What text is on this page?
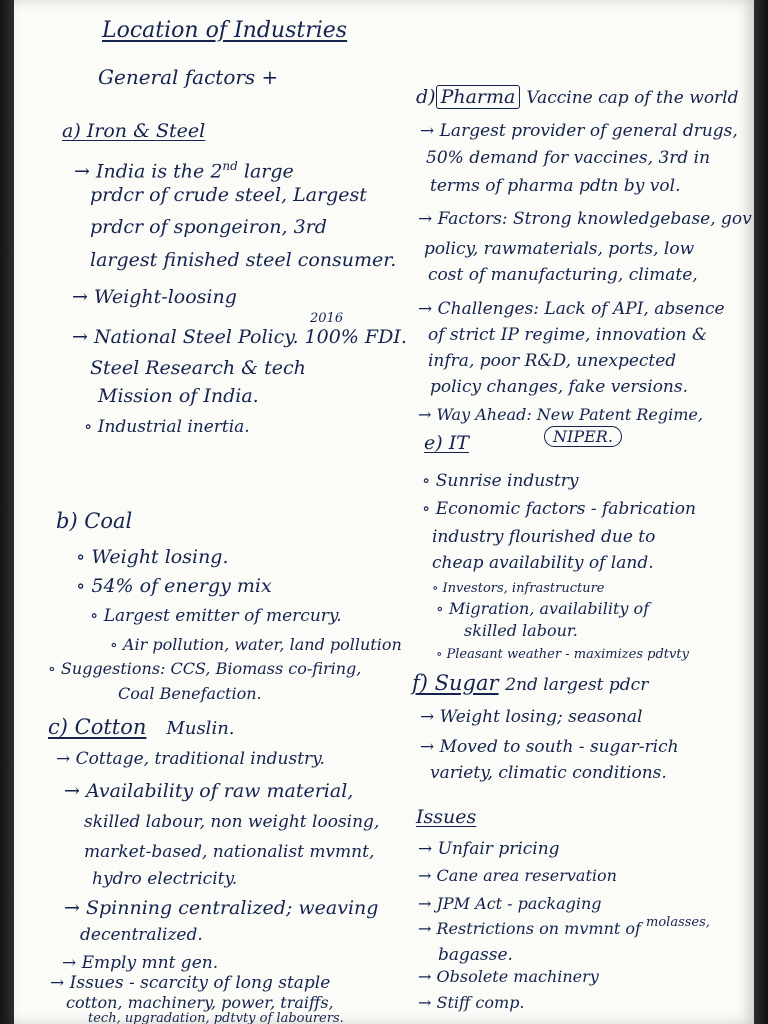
Location of Industries
General factors +
a) Iron & Steel
→ India is the 2nd large
prdcr of crude steel, Largest
prdcr of spongeiron, 3rd
largest finished steel consumer.
→ Weight-loosing
2016
→ National Steel Policy. 100% FDI.
Steel Research & tech
Mission of India.
∘ Industrial inertia.
b) Coal
∘ Weight losing.
∘ 54% of energy mix
∘ Largest emitter of mercury.
∘ Air pollution, water, land pollution
∘ Suggestions: CCS, Biomass co-firing,
Coal Benefaction.
c) Cotton Muslin.
→ Cottage, traditional industry.
→ Availability of raw material,
skilled labour, non weight loosing,
market-based, nationalist mvmnt,
hydro electricity.
→ Spinning centralized; weaving
decentralized.
→ Emply mnt gen.
→ Issues - scarcity of long staple
cotton, machinery, power, traiffs,
tech, upgradation, pdtvty of labourers.
d) Pharma Vaccine cap of the world
→ Largest provider of general drugs,
50% demand for vaccines, 3rd in
terms of pharma pdtn by vol.
→ Factors: Strong knowledgebase, gov
policy, rawmaterials, ports, low
cost of manufacturing, climate,
→ Challenges: Lack of API, absence
of strict IP regime, innovation &
infra, poor R&D, unexpected
policy changes, fake versions.
→ Way Ahead: New Patent Regime,
NIPER.
e) IT
∘ Sunrise industry
∘ Economic factors - fabrication
industry flourished due to
cheap availability of land.
∘ Investors, infrastructure
∘ Migration, availability of
skilled labour.
∘ Pleasant weather - maximizes pdtvty
f) Sugar 2nd largest pdcr
→ Weight losing; seasonal
→ Moved to south - sugar-rich
variety, climatic conditions.
Issues
→ Unfair pricing
→ Cane area reservation
→ JPM Act - packaging
→ Restrictions on mvmnt of $^{molasses,}$
bagasse.
→ Obsolete machinery
→ Stiff comp.
